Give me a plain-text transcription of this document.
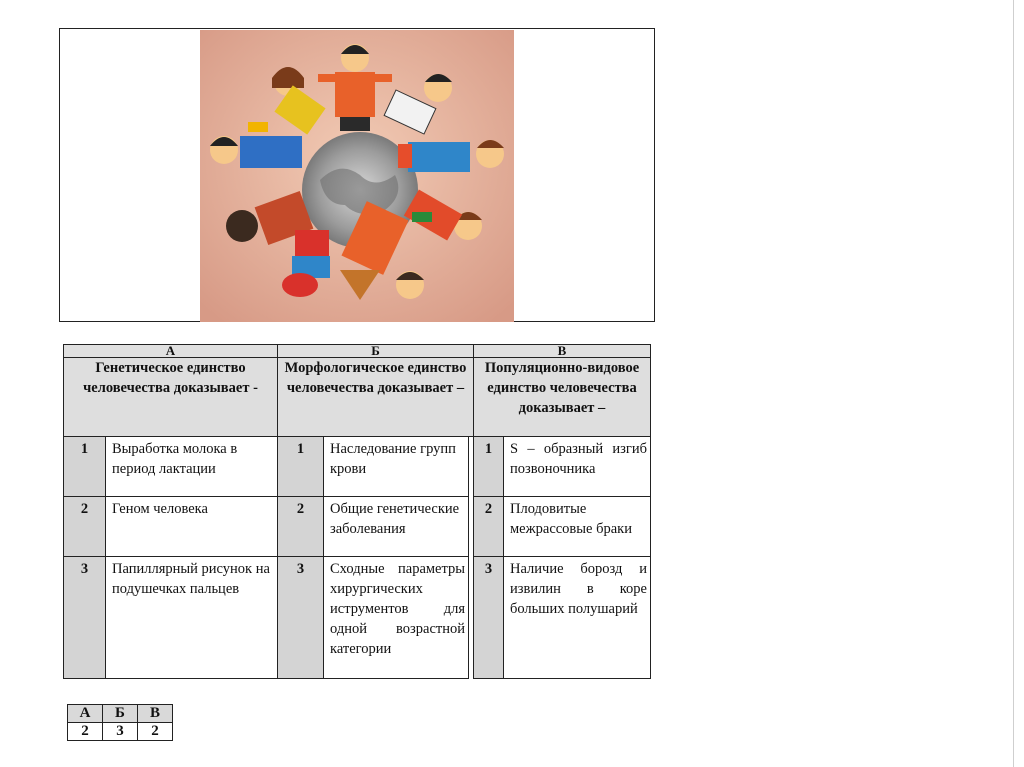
А		Б			В	
Генетическое единство человечества доказывает -		Морфологическое единство человечества доказывает –			Популяционно-видовое единство человечества доказывает –	
1	Выработка молока в период лактации	1	Наследование групп крови		1	S – образный изгиб позвоночника
2	Геном человека	2	Общие генетические заболевания		2	Плодовитые межрассовые браки
3	Папиллярный рисунок на подушечках пальцев	3	Сходные параметры хирургических иструментов для одной возрастной категории		3	Наличие борозд и извилин в коре больших полушарий
А	Б	В
2	3	2
